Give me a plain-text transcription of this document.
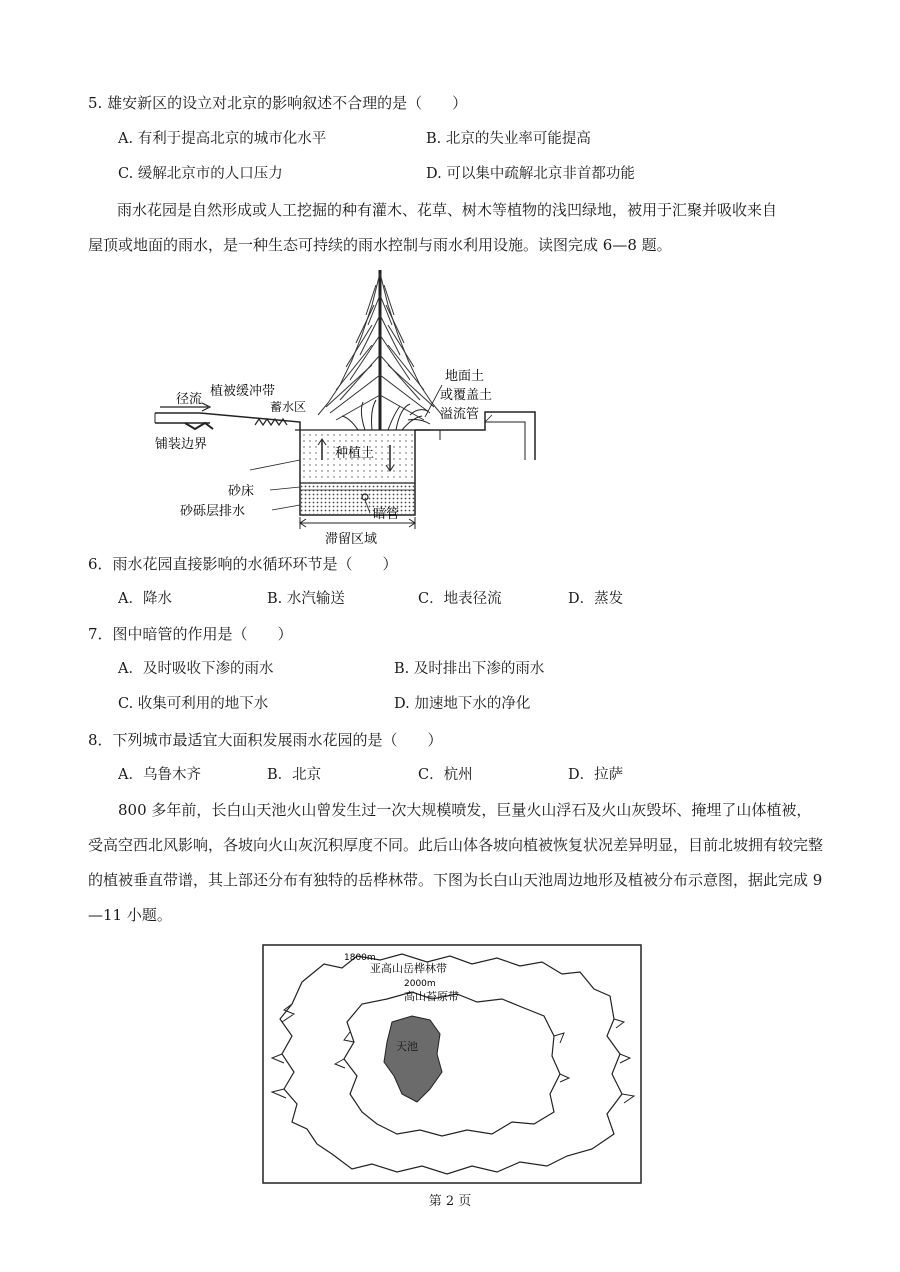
5. 雄安新区的设立对北京的影响叙述不合理的是（　　）
A. 有利于提高北京的城市化水平	B. 北京的失业率可能提高
C. 缓解北京市的人口压力	D. 可以集中疏解北京非首都功能
雨水花园是自然形成或人工挖掘的种有灌木、花草、树木等植物的浅凹绿地，被用于汇聚并吸收来自
屋顶或地面的雨水，是一种生态可持续的雨水控制与雨水利用设施。读图完成 6—8 题。
径流
植被缓冲带
蓄水区
地面土
或覆盖土
溢流管
铺装边界
种植土
砂床
砂砾层排水	暗管
滞留区域
6．雨水花园直接影响的水循环环节是（　　）
A．降水	B. 水汽输送	C．地表径流	D．蒸发
7．图中暗管的作用是（　　）
A．及时吸收下渗的雨水	B. 及时排出下渗的雨水
C. 收集可利用的地下水	D. 加速地下水的净化
8．下列城市最适宜大面积发展雨水花园的是（　　）
A．乌鲁木齐	B．北京	C．杭州	D．拉萨

800 多年前，长白山天池火山曾发生过一次大规模喷发，巨量火山浮石及火山灰毁坏、掩埋了山体植被，受高空西北风影响，各坡向火山灰沉积厚度不同。此后山体各坡向植被恢复状况差异明显，目前北坡拥有较完整的植被垂直带谱，其上部还分布有独特的岳桦林带。下图为长白山天池周边地形及植被分布示意图，据此完成 9—11 小题。

1800m
2000m
亚高山岳桦林带
高山苔原带
天池
第 2 页
